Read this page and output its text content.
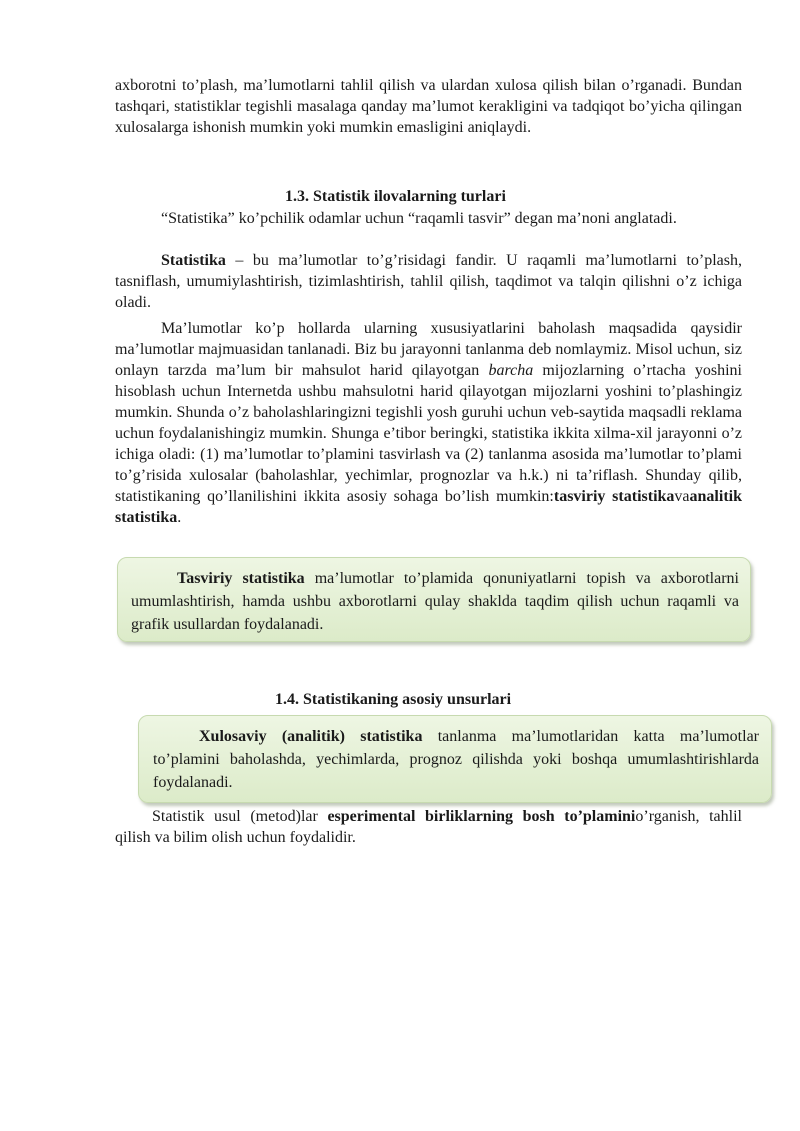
axborotni to’plash, ma’lumotlarni tahlil qilish va ulardan xulosa qilish bilan o’rganadi. Bundan tashqari, statistiklar tegishli masalaga qanday ma’lumot kerakligini va tadqiqot bo’yicha qilingan xulosalarga ishonish mumkin yoki mumkin emasligini aniqlaydi.

1.3. Statistik ilovalarning turlari

“Statistika” ko’pchilik odamlar uchun “raqamli tasvir” degan ma’noni anglatadi.

Statistika – bu ma’lumotlar to’g’risidagi fandir. U raqamli ma’lumotlarni to’plash, tasniflash, umumiylashtirish, tizimlashtirish, tahlil qilish, taqdimot va talqin qilishni o’z ichiga oladi.

Ma’lumotlar ko’p hollarda ularning xususiyatlarini baholash maqsadida qaysidir ma’lumotlar majmuasidan tanlanadi. Biz bu jarayonni tanlanma deb nomlaymiz. Misol uchun, siz onlayn tarzda ma’lum bir mahsulot harid qilayotgan barcha mijozlarning o’rtacha yoshini hisoblash uchun Internetda ushbu mahsulotni harid qilayotgan mijozlarni yoshini to’plashingiz mumkin. Shunda o’z baholashlaringizni tegishli yosh guruhi uchun veb-saytida maqsadli reklama uchun foydalanishingiz mumkin. Shunga e’tibor beringki, statistika ikkita xilma-xil jarayonni o’z ichiga oladi: (1) ma’lumotlar to’plamini tasvirlash va (2) tanlanma asosida ma’lumotlar to’plami to’g’risida xulosalar (baholashlar, yechimlar, prognozlar va h.k.) ni ta’riflash. Shunday qilib, statistikaning qo’llanilishini ikkita asosiy sohaga bo’lish mumkin:tasviriy statistikavaanalitik statistika.

Tasviriy statistika ma’lumotlar to’plamida qonuniyatlarni topish va axborotlarni umumlashtirish, hamda ushbu axborotlarni qulay shaklda taqdim qilish uchun raqamli va grafik usullardan foydalanadi.

1.4. Statistikaning asosiy unsurlari

Xulosaviy (analitik) statistika tanlanma ma’lumotlaridan katta ma’lumotlar to’plamini baholashda, yechimlarda, prognoz qilishda yoki boshqa umumlashtirishlarda foydalanadi.

Statistik usul (metod)lar esperimental birliklarning bosh to’plaminio’rganish, tahlil qilish va bilim olish uchun foydalidir.
